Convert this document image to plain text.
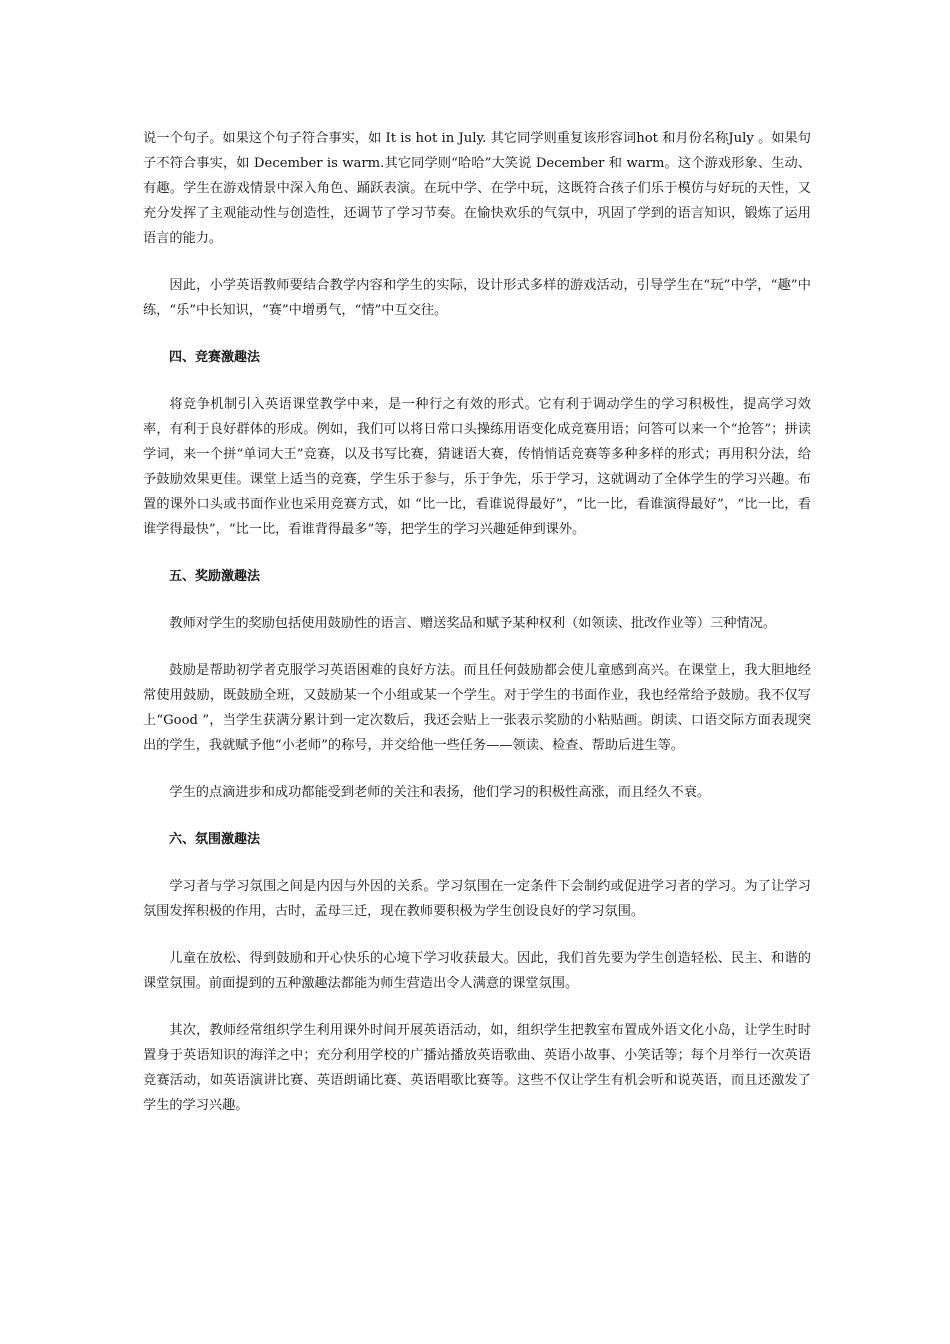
说一个句子。如果这个句子符合事实，如 It is hot in July. 其它同学则重复该形容词hot 和月份名称July 。如果句子不符合事实，如 December is warm.其它同学则“哈哈”大笑说 December 和 warm。这个游戏形象、生动、有趣。学生在游戏情景中深入角色、踊跃表演。在玩中学、在学中玩，这既符合孩子们乐于模仿与好玩的天性，又充分发挥了主观能动性与创造性，还调节了学习节奏。在愉快欢乐的气氛中，巩固了学到的语言知识，锻炼了运用语言的能力。

因此，小学英语教师要结合教学内容和学生的实际，设计形式多样的游戏活动，引导学生在“玩”中学，“趣”中练，“乐”中长知识，“赛”中增勇气，“情”中互交往。

四、竞赛激趣法

将竞争机制引入英语课堂教学中来，是一种行之有效的形式。它有利于调动学生的学习积极性，提高学习效率，有利于良好群体的形成。例如，我们可以将日常口头操练用语变化成竞赛用语；问答可以来一个“抢答”；拼读学词，来一个拼“单词大王”竞赛，以及书写比赛，猜谜语大赛，传悄悄话竞赛等多种多样的形式；再用积分法，给予鼓励效果更佳。课堂上适当的竞赛，学生乐于参与，乐于争先，乐于学习，这就调动了全体学生的学习兴趣。布置的课外口头或书面作业也采用竞赛方式，如 “比一比，看谁说得最好”，“比一比，看谁演得最好”，“比一比，看谁学得最快”，“比一比，看谁背得最多”等，把学生的学习兴趣延伸到课外。

五、奖励激趣法

教师对学生的奖励包括使用鼓励性的语言、赠送奖品和赋予某种权利（如领读、批改作业等）三种情况。

鼓励是帮助初学者克服学习英语困难的良好方法。而且任何鼓励都会使儿童感到高兴。在课堂上，我大胆地经常使用鼓励，既鼓励全班，又鼓励某一个小组或某一个学生。对于学生的书面作业，我也经常给予鼓励。我不仅写上“Good ”，当学生获满分累计到一定次数后，我还会贴上一张表示奖励的小粘贴画。朗读、口语交际方面表现突出的学生，我就赋予他“小老师”的称号，并交给他一些任务——领读、检查、帮助后进生等。

学生的点滴进步和成功都能受到老师的关注和表扬，他们学习的积极性高涨，而且经久不衰。

六、氛围激趣法

学习者与学习氛围之间是内因与外因的关系。学习氛围在一定条件下会制约或促进学习者的学习。为了让学习氛围发挥积极的作用，古时，孟母三迁，现在教师要积极为学生创设良好的学习氛围。

儿童在放松、得到鼓励和开心快乐的心境下学习收获最大。因此，我们首先要为学生创造轻松、民主、和谐的课堂氛围。前面提到的五种激趣法都能为师生营造出令人满意的课堂氛围。

其次，教师经常组织学生利用课外时间开展英语活动，如，组织学生把教室布置成外语文化小岛，让学生时时置身于英语知识的海洋之中；充分利用学校的广播站播放英语歌曲、英语小故事、小笑话等；每个月举行一次英语竞赛活动，如英语演讲比赛、英语朗诵比赛、英语唱歌比赛等。这些不仅让学生有机会听和说英语，而且还激发了学生的学习兴趣。
